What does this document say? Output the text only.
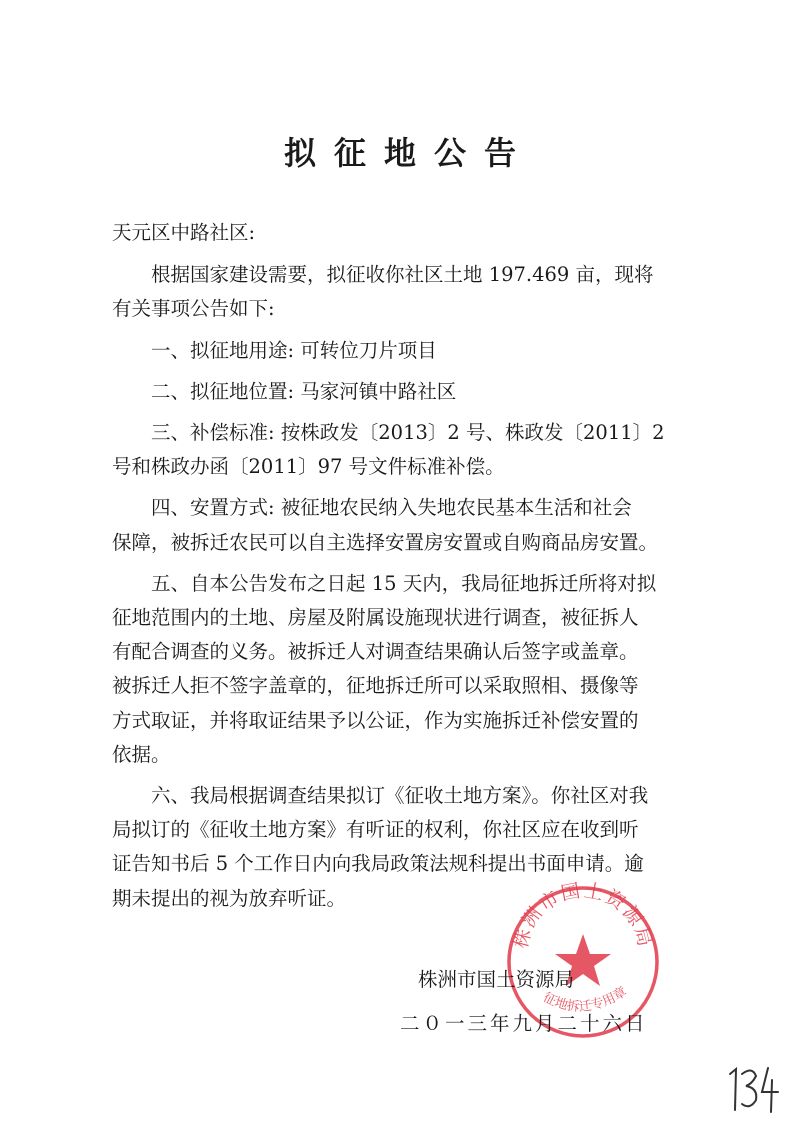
拟征地公告
天元区中路社区:
根据国家建设需要，拟征收你社区土地 197.469 亩，现将
有关事项公告如下:
一、拟征地用途: 可转位刀片项目
二、拟征地位置: 马家河镇中路社区
三、补偿标准: 按株政发〔2013〕2 号、株政发〔2011〕2
号和株政办函〔2011〕97 号文件标准补偿。
四、安置方式: 被征地农民纳入失地农民基本生活和社会
保障，被拆迁农民可以自主选择安置房安置或自购商品房安置。
五、自本公告发布之日起 15 天内，我局征地拆迁所将对拟
征地范围内的土地、房屋及附属设施现状进行调查，被征拆人
有配合调查的义务。被拆迁人对调查结果确认后签字或盖章。
被拆迁人拒不签字盖章的，征地拆迁所可以采取照相、摄像等
方式取证，并将取证结果予以公证，作为实施拆迁补偿安置的
依据。
六、我局根据调查结果拟订《征收土地方案》。你社区对我
局拟订的《征收土地方案》有听证的权利，你社区应在收到听
证告知书后 5 个工作日内向我局政策法规科提出书面申请。逾
期未提出的视为放弃听证。
株洲市国土资源局
征地拆迁专用章
株洲市国土资源局
二０一三年九月二十六日
